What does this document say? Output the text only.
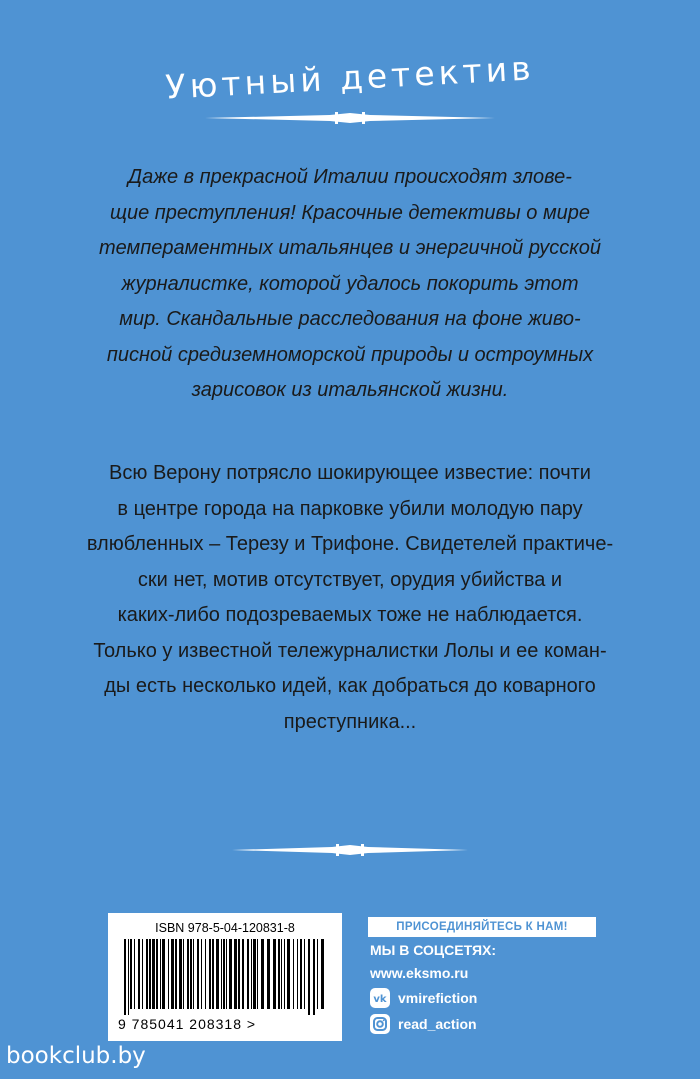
Уютный детектив
Даже в прекрасной Италии происходят злове-
щие преступления! Красочные детективы о мире
темпераментных итальянцев и энергичной русской
журналистке, которой удалось покорить этот
мир. Скандальные расследования на фоне живо-
писной средиземноморской природы и остроумных
зарисовок из итальянской жизни.
Всю Верону потрясло шокирующее известие: почти
в центре города на парковке убили молодую пару
влюбленных – Терезу и Трифоне. Свидетелей практиче-
ски нет, мотив отсутствует, орудия убийства и
каких-либо подозреваемых тоже не наблюдается.
Только у известной тележурналистки Лолы и ее коман-
ды есть несколько идей, как добраться до коварного
преступника...
ISBN 978-5-04-120831-8
9 785041 208318 >
ПРИСОЕДИНЯЙТЕСЬ К НАМ!
МЫ В СОЦСЕТЯХ:
www.eksmo.ru
vk vmirefiction
read_action
bookclub.by
